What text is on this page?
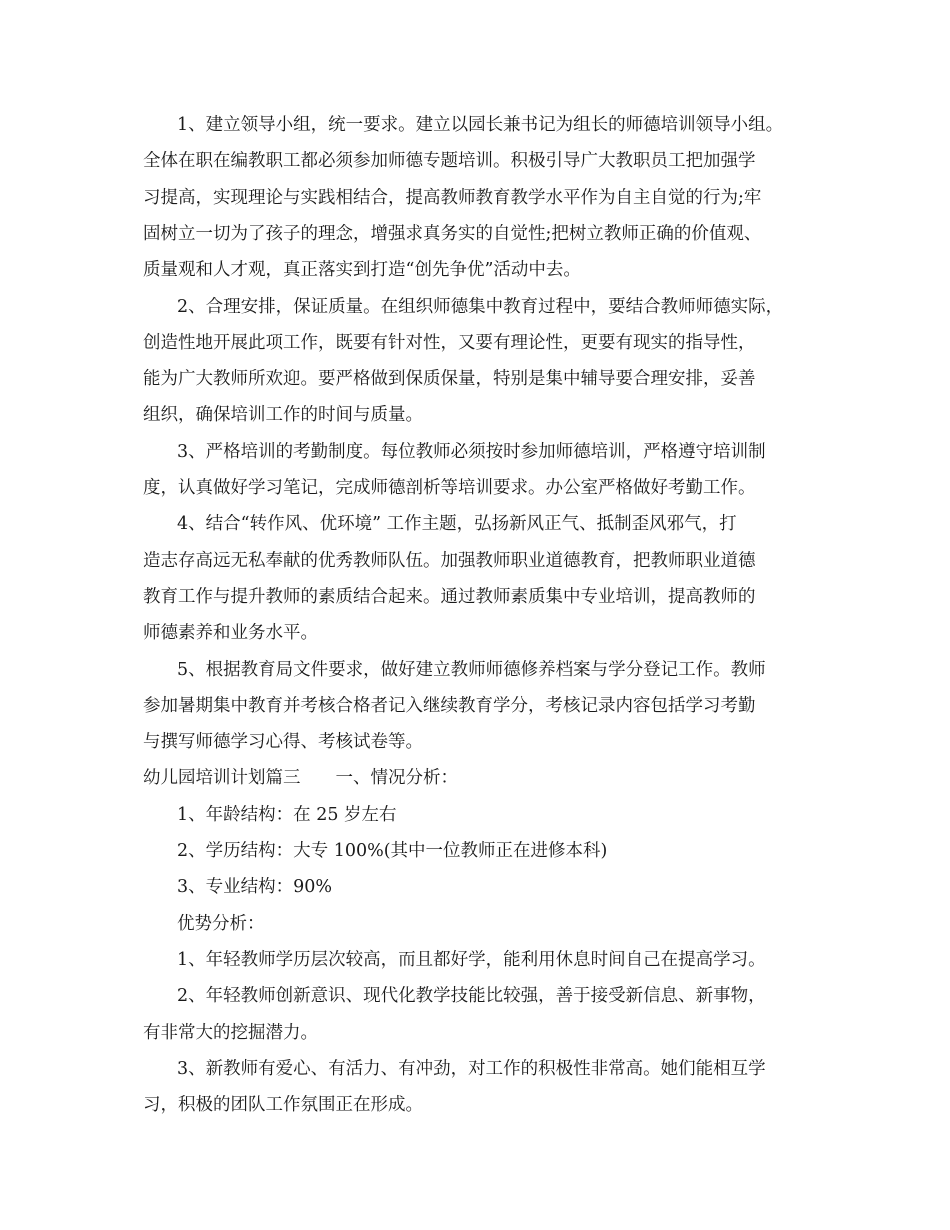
1、建立领导小组，统一要求。建立以园长兼书记为组长的师德培训领导小组。
全体在职在编教职工都必须参加师德专题培训。积极引导广大教职员工把加强学
习提高，实现理论与实践相结合，提高教师教育教学水平作为自主自觉的行为;牢
固树立一切为了孩子的理念，增强求真务实的自觉性;把树立教师正确的价值观、
质量观和人才观，真正落实到打造“创先争优”活动中去。
2、合理安排，保证质量。在组织师德集中教育过程中，要结合教师师德实际，
创造性地开展此项工作，既要有针对性，又要有理论性，更要有现实的指导性，
能为广大教师所欢迎。要严格做到保质保量，特别是集中辅导要合理安排，妥善
组织，确保培训工作的时间与质量。
3、严格培训的考勤制度。每位教师必须按时参加师德培训，严格遵守培训制
度，认真做好学习笔记，完成师德剖析等培训要求。办公室严格做好考勤工作。
4、结合“转作风、优环境” 工作主题，弘扬新风正气、抵制歪风邪气，打
造志存高远无私奉献的优秀教师队伍。加强教师职业道德教育，把教师职业道德
教育工作与提升教师的素质结合起来。通过教师素质集中专业培训，提高教师的
师德素养和业务水平。
5、根据教育局文件要求，做好建立教师师德修养档案与学分登记工作。教师
参加暑期集中教育并考核合格者记入继续教育学分，考核记录内容包括学习考勤
与撰写师德学习心得、考核试卷等。
幼儿园培训计划篇三　　一、情况分析：
1、年龄结构：在 25 岁左右
2、学历结构：大专 100%(其中一位教师正在进修本科)
3、专业结构：90%
优势分析：
1、年轻教师学历层次较高，而且都好学，能利用休息时间自己在提高学习。
2、年轻教师创新意识、现代化教学技能比较强，善于接受新信息、新事物，
有非常大的挖掘潜力。
3、新教师有爱心、有活力、有冲劲，对工作的积极性非常高。她们能相互学
习，积极的团队工作氛围正在形成。
